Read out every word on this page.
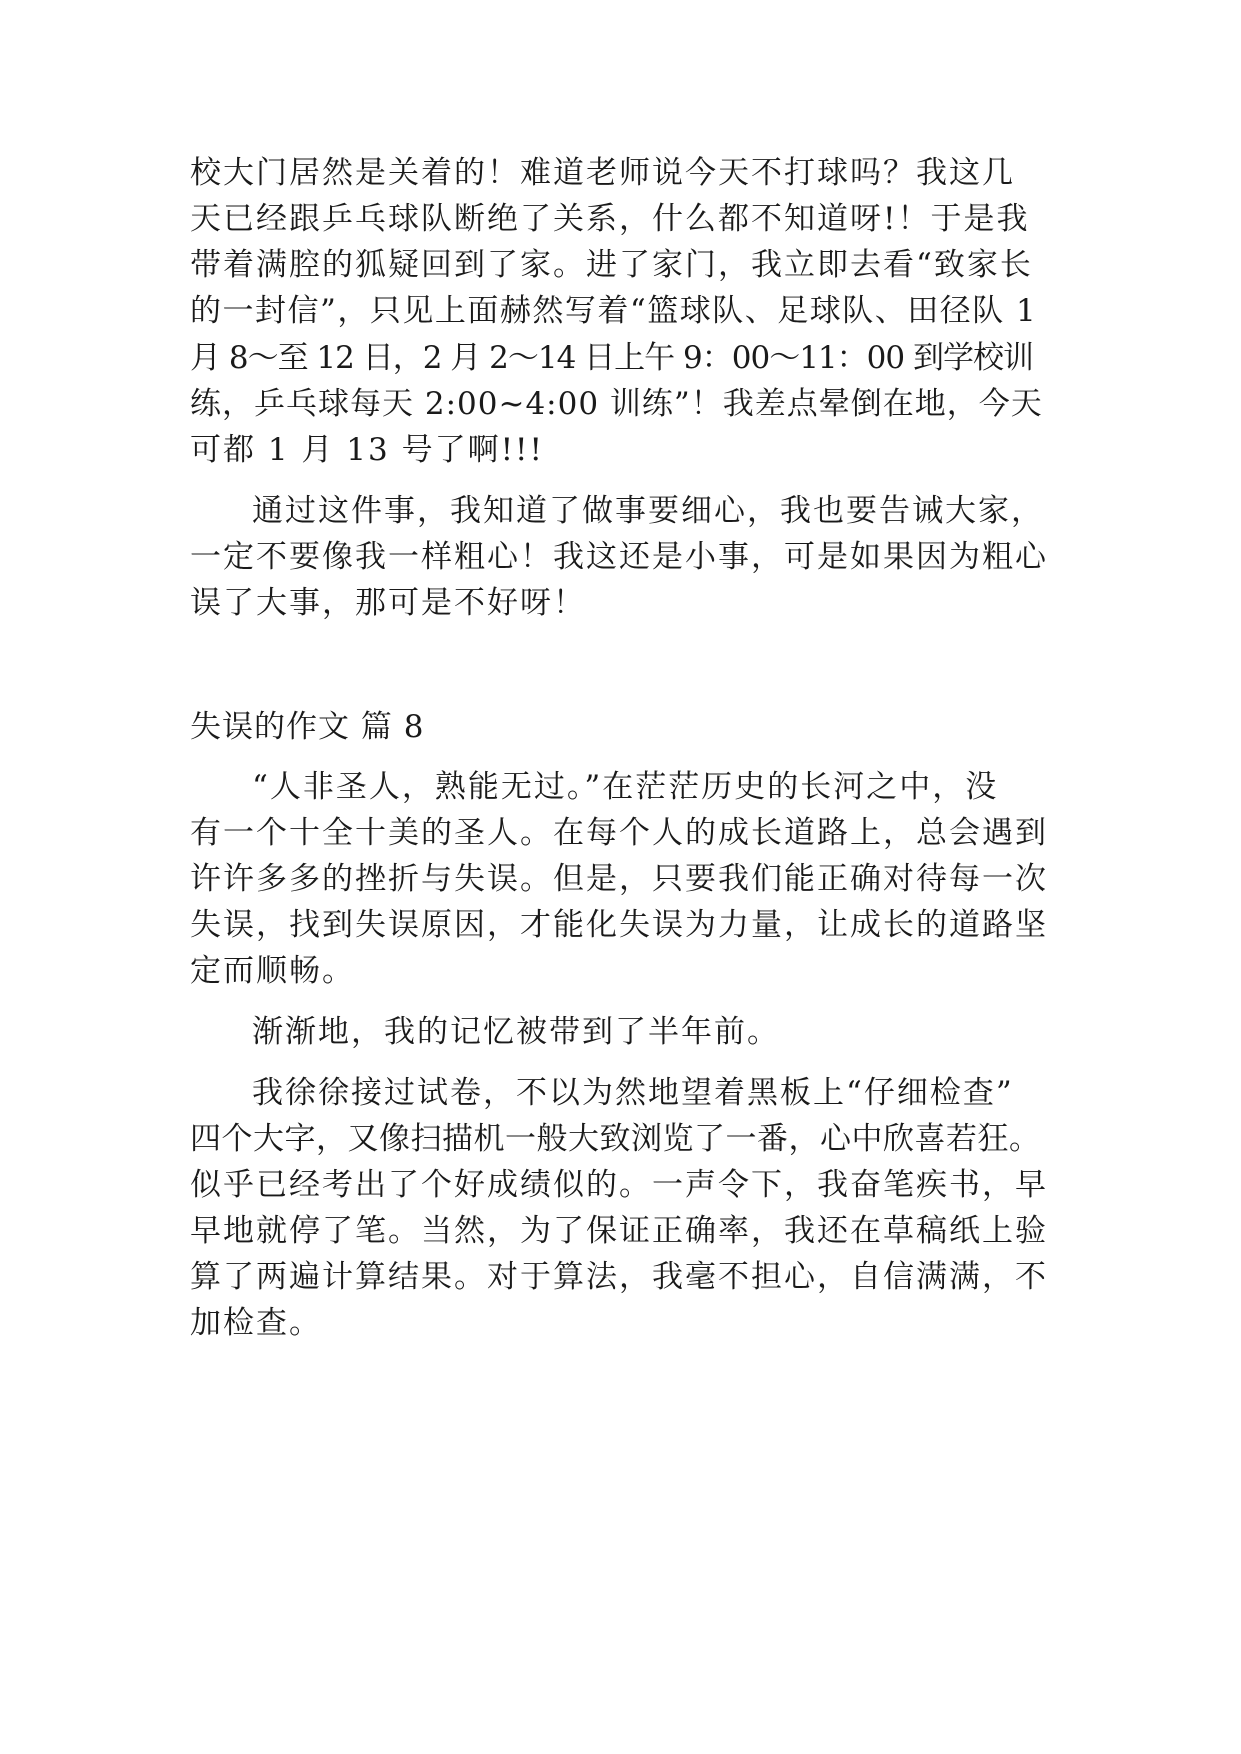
校大门居然是关着的！难道老师说今天不打球吗？我这几
天已经跟乒乓球队断绝了关系，什么都不知道呀!！于是我
带着满腔的狐疑回到了家。进了家门，我立即去看“致家长
的一封信”，只见上面赫然写着“篮球队、足球队、田径队 1
月 8～至 12 日，2 月 2～14 日上午 9：00～11：00 到学校训
练，乒乓球每天 2:00~4:00 训练”！我差点晕倒在地，今天
可都 1 月 13 号了啊!!!
通过这件事，我知道了做事要细心，我也要告诫大家，
一定不要像我一样粗心！我这还是小事，可是如果因为粗心
误了大事，那可是不好呀！
失误的作文 篇 8
“人非圣人，熟能无过。”在茫茫历史的长河之中，没
有一个十全十美的圣人。在每个人的成长道路上，总会遇到
许许多多的挫折与失误。但是，只要我们能正确对待每一次
失误，找到失误原因，才能化失误为力量，让成长的道路坚
定而顺畅。
渐渐地，我的记忆被带到了半年前。
我徐徐接过试卷，不以为然地望着黑板上“仔细检查”
四个大字，又像扫描机一般大致浏览了一番，心中欣喜若狂。
似乎已经考出了个好成绩似的。一声令下，我奋笔疾书，早
早地就停了笔。当然，为了保证正确率，我还在草稿纸上验
算了两遍计算结果。对于算法，我毫不担心，自信满满，不
加检查。
